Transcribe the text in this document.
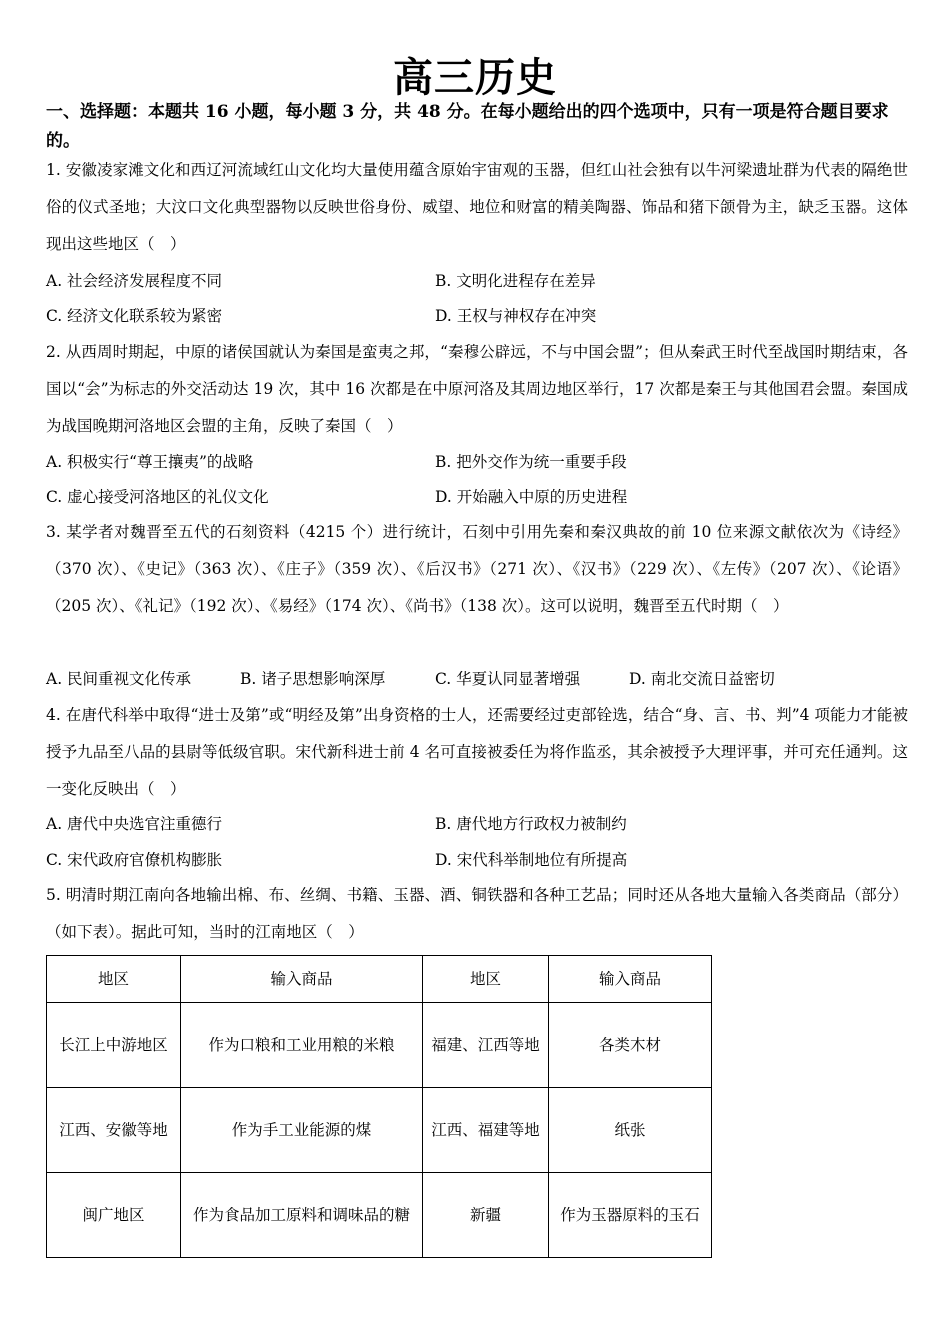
高三历史
一、选择题：本题共 16 小题，每小题 3 分，共 48 分。在每小题给出的四个选项中，只有一项是符合题目要求的。
1. 安徽凌家滩文化和西辽河流域红山文化均大量使用蕴含原始宇宙观的玉器，但红山社会独有以牛河梁遗址群为代表的隔绝世俗的仪式圣地；大汶口文化典型器物以反映世俗身份、威望、地位和财富的精美陶器、饰品和猪下颌骨为主，缺乏玉器。这体现出这些地区（　）
A. 社会经济发展程度不同	B. 文明化进程存在差异
C. 经济文化联系较为紧密	D. 王权与神权存在冲突
2. 从西周时期起，中原的诸侯国就认为秦国是蛮夷之邦，“秦穆公辟远，不与中国会盟”；但从秦武王时代至战国时期结束，各国以“会”为标志的外交活动达 19 次，其中 16 次都是在中原河洛及其周边地区举行，17 次都是秦王与其他国君会盟。秦国成为战国晚期河洛地区会盟的主角，反映了秦国（　）
A. 积极实行“尊王攘夷”的战略	B. 把外交作为统一重要手段
C. 虚心接受河洛地区的礼仪文化	D. 开始融入中原的历史进程
3. 某学者对魏晋至五代的石刻资料（4215 个）进行统计，石刻中引用先秦和秦汉典故的前 10 位来源文献依次为《诗经》（370 次）、《史记》（363 次）、《庄子》（359 次）、《后汉书》（271 次）、《汉书》（229 次）、《左传》（207 次）、《论语》（205 次）、《礼记》（192 次）、《易经》（174 次）、《尚书》（138 次）。这可以说明，魏晋至五代时期（　）
A. 民间重视文化传承	B. 诸子思想影响深厚	C. 华夏认同显著增强	D. 南北交流日益密切
4. 在唐代科举中取得“进士及第”或“明经及第”出身资格的士人，还需要经过吏部铨选，结合“身、言、书、判”4 项能力才能被授予九品至八品的县尉等低级官职。宋代新科进士前 4 名可直接被委任为将作监丞，其余被授予大理评事，并可充任通判。这一变化反映出（　）
A. 唐代中央选官注重德行	B. 唐代地方行政权力被制约
C. 宋代政府官僚机构膨胀	D. 宋代科举制地位有所提高
5. 明清时期江南向各地输出棉、布、丝绸、书籍、玉器、酒、铜铁器和各种工艺品；同时还从各地大量输入各类商品（部分）（如下表）。据此可知，当时的江南地区（　）
地区	输入商品	地区	输入商品
长江上中游地区	作为口粮和工业用粮的米粮	福建、江西等地	各类木材
江西、安徽等地	作为手工业能源的煤	江西、福建等地	纸张
闽广地区	作为食品加工原料和调味品的糖	新疆	作为玉器原料的玉石
